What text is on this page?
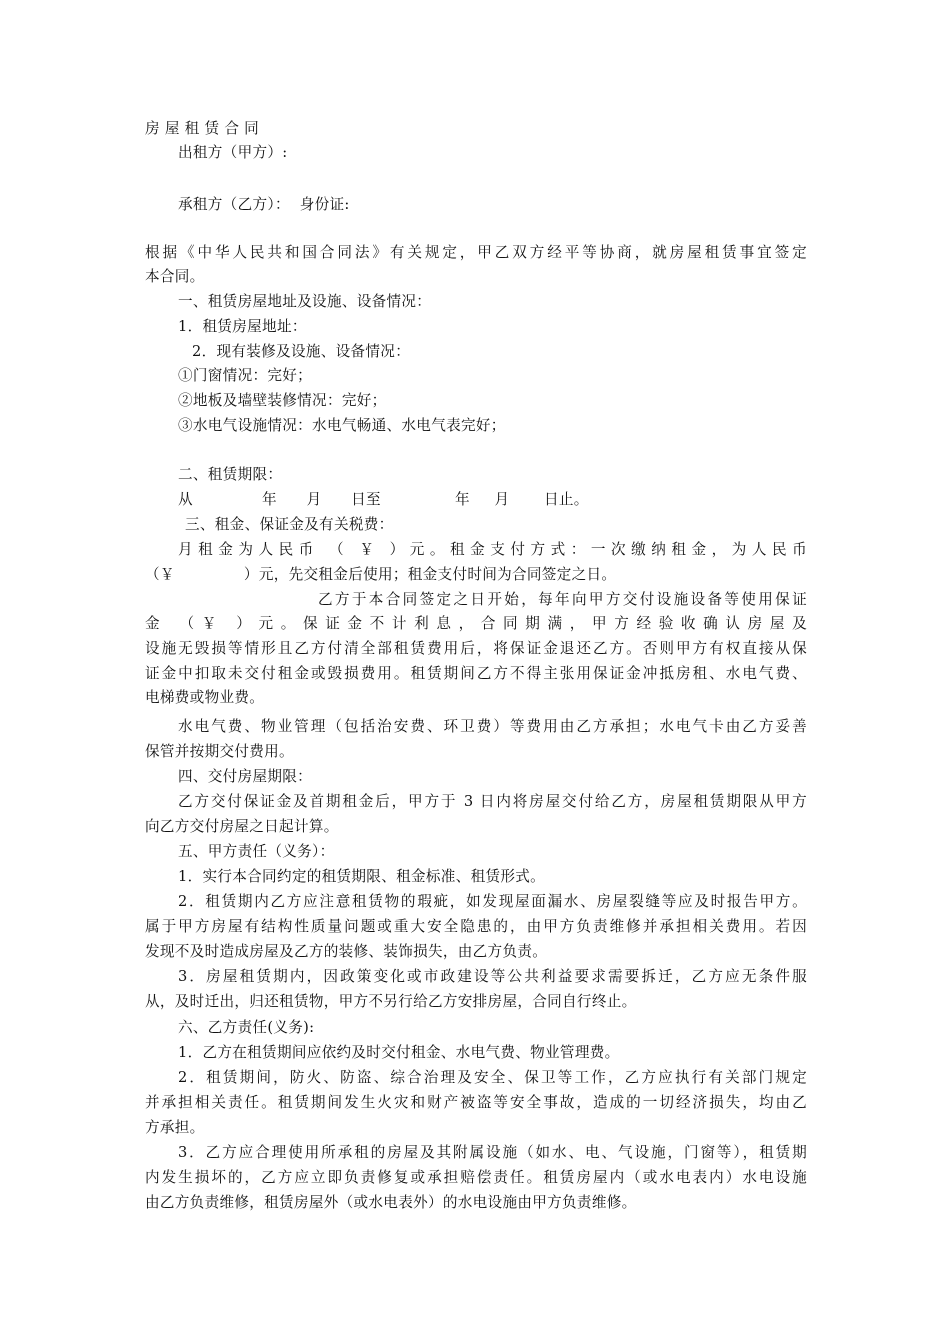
房 屋 租 赁 合 同
出租方（甲方）:
承租方（乙方）：  身份证:
根据《中华人民共和国合同法》有关规定，甲乙双方经平等协商，就房屋租赁事宜签定
本合同。
一、租赁房屋地址及设施、设备情况：
1．租赁房屋地址：
2．现有装修及设施、设备情况：
①门窗情况：完好；
②地板及墙壁装修情况：完好；
③水电气设施情况：水电气畅通、水电气表完好；
二、租赁期限：
从              年      月      日至               年     月       日止。
三、租金、保证金及有关税费：
月租金为人民币 （ ￥ ）元。租金支付方式：一次缴纳租金，为人民币
（￥              ）元，先交租金后使用；租金支付时间为合同签定之日。
乙方于本合同签定之日开始，每年向甲方交付设施设备等使用保证
金 （￥ ）元。保证金不计利息，合同期满，甲方经验收确认房屋及
设施无毁损等情形且乙方付清全部租赁费用后，将保证金退还乙方。否则甲方有权直接从保
证金中扣取未交付租金或毁损费用。租赁期间乙方不得主张用保证金冲抵房租、水电气费、
电梯费或物业费。
水电气费、物业管理（包括治安费、环卫费）等费用由乙方承担；水电气卡由乙方妥善
保管并按期交付费用。
四、交付房屋期限：
乙方交付保证金及首期租金后，甲方于 3 日内将房屋交付给乙方，房屋租赁期限从甲方
向乙方交付房屋之日起计算。
五、甲方责任（义务）：
1．实行本合同约定的租赁期限、租金标准、租赁形式。
2．租赁期内乙方应注意租赁物的瑕疵，如发现屋面漏水、房屋裂缝等应及时报告甲方。
属于甲方房屋有结构性质量问题或重大安全隐患的，由甲方负责维修并承担相关费用。若因
发现不及时造成房屋及乙方的装修、装饰损失，由乙方负责。
3．房屋租赁期内，因政策变化或市政建设等公共利益要求需要拆迁，乙方应无条件服
从，及时迁出，归还租赁物，甲方不另行给乙方安排房屋，合同自行终止。
六、乙方责任(义务):
1．乙方在租赁期间应依约及时交付租金、水电气费、物业管理费。
2．租赁期间，防火、防盗、综合治理及安全、保卫等工作，乙方应执行有关部门规定
并承担相关责任。租赁期间发生火灾和财产被盗等安全事故，造成的一切经济损失，均由乙
方承担。
3．乙方应合理使用所承租的房屋及其附属设施（如水、电、气设施，门窗等），租赁期
内发生损坏的，乙方应立即负责修复或承担赔偿责任。租赁房屋内（或水电表内）水电设施
由乙方负责维修，租赁房屋外（或水电表外）的水电设施由甲方负责维修。
